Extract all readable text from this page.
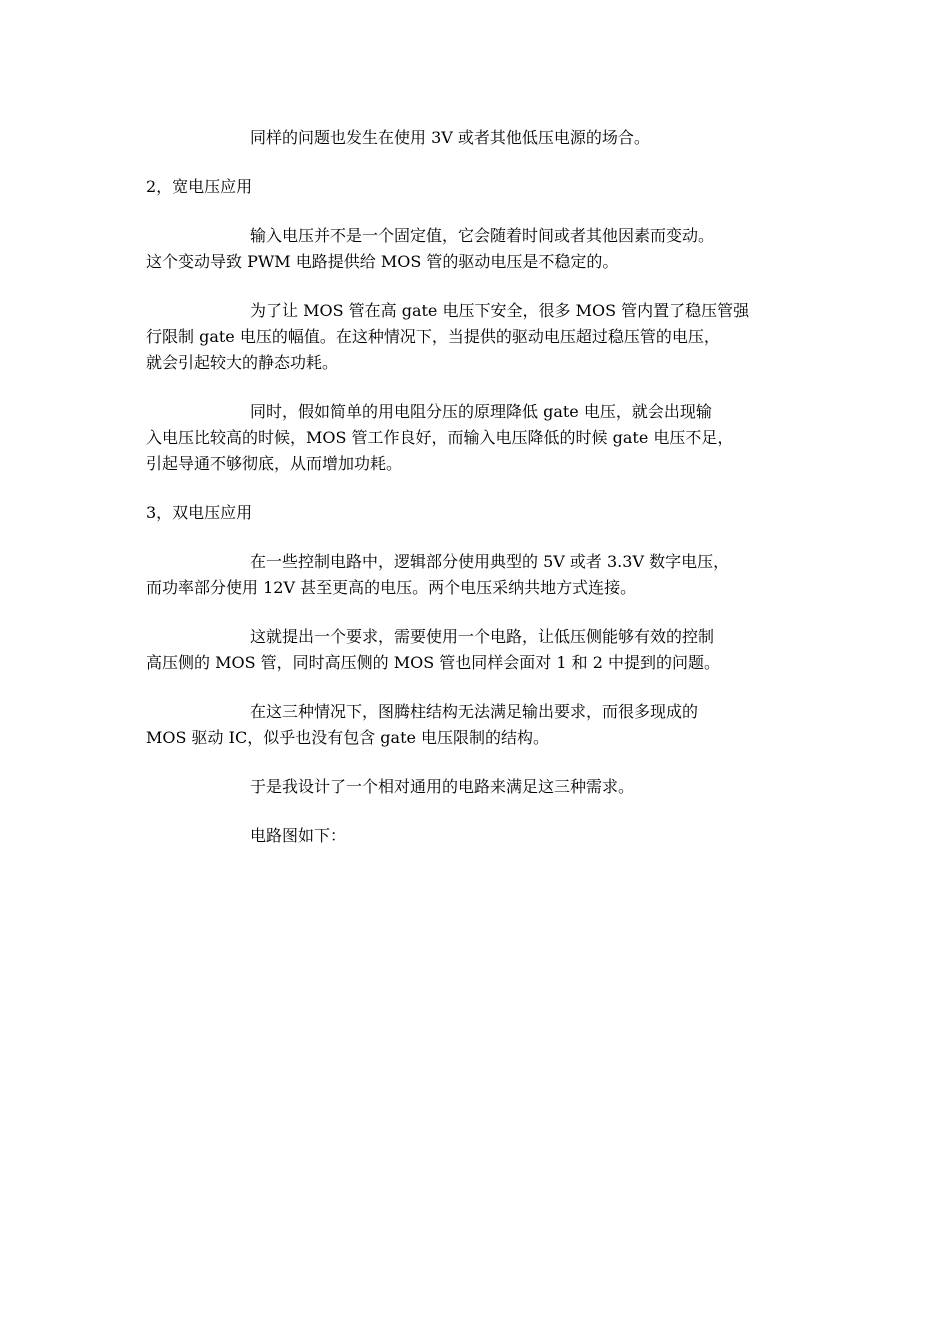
同样的问题也发生在使用 3V 或者其他低压电源的场合。

2，宽电压应用

输入电压并不是一个固定值，它会随着时间或者其他因素而变动。
这个变动导致 PWM 电路提供给 MOS 管的驱动电压是不稳定的。

为了让 MOS 管在高 gate 电压下安全，很多 MOS 管内置了稳压管强
行限制 gate 电压的幅值。在这种情况下，当提供的驱动电压超过稳压管的电压，
就会引起较大的静态功耗。

同时，假如简单的用电阻分压的原理降低 gate 电压，就会出现输
入电压比较高的时候，MOS 管工作良好，而输入电压降低的时候 gate 电压不足，
引起导通不够彻底，从而增加功耗。

3，双电压应用

在一些控制电路中，逻辑部分使用典型的 5V 或者 3.3V 数字电压，
而功率部分使用 12V 甚至更高的电压。两个电压采纳共地方式连接。

这就提出一个要求，需要使用一个电路，让低压侧能够有效的控制
高压侧的 MOS 管，同时高压侧的 MOS 管也同样会面对 1 和 2 中提到的问题。

在这三种情况下，图腾柱结构无法满足输出要求，而很多现成的
MOS 驱动 IC，似乎也没有包含 gate 电压限制的结构。

于是我设计了一个相对通用的电路来满足这三种需求。

电路图如下：
